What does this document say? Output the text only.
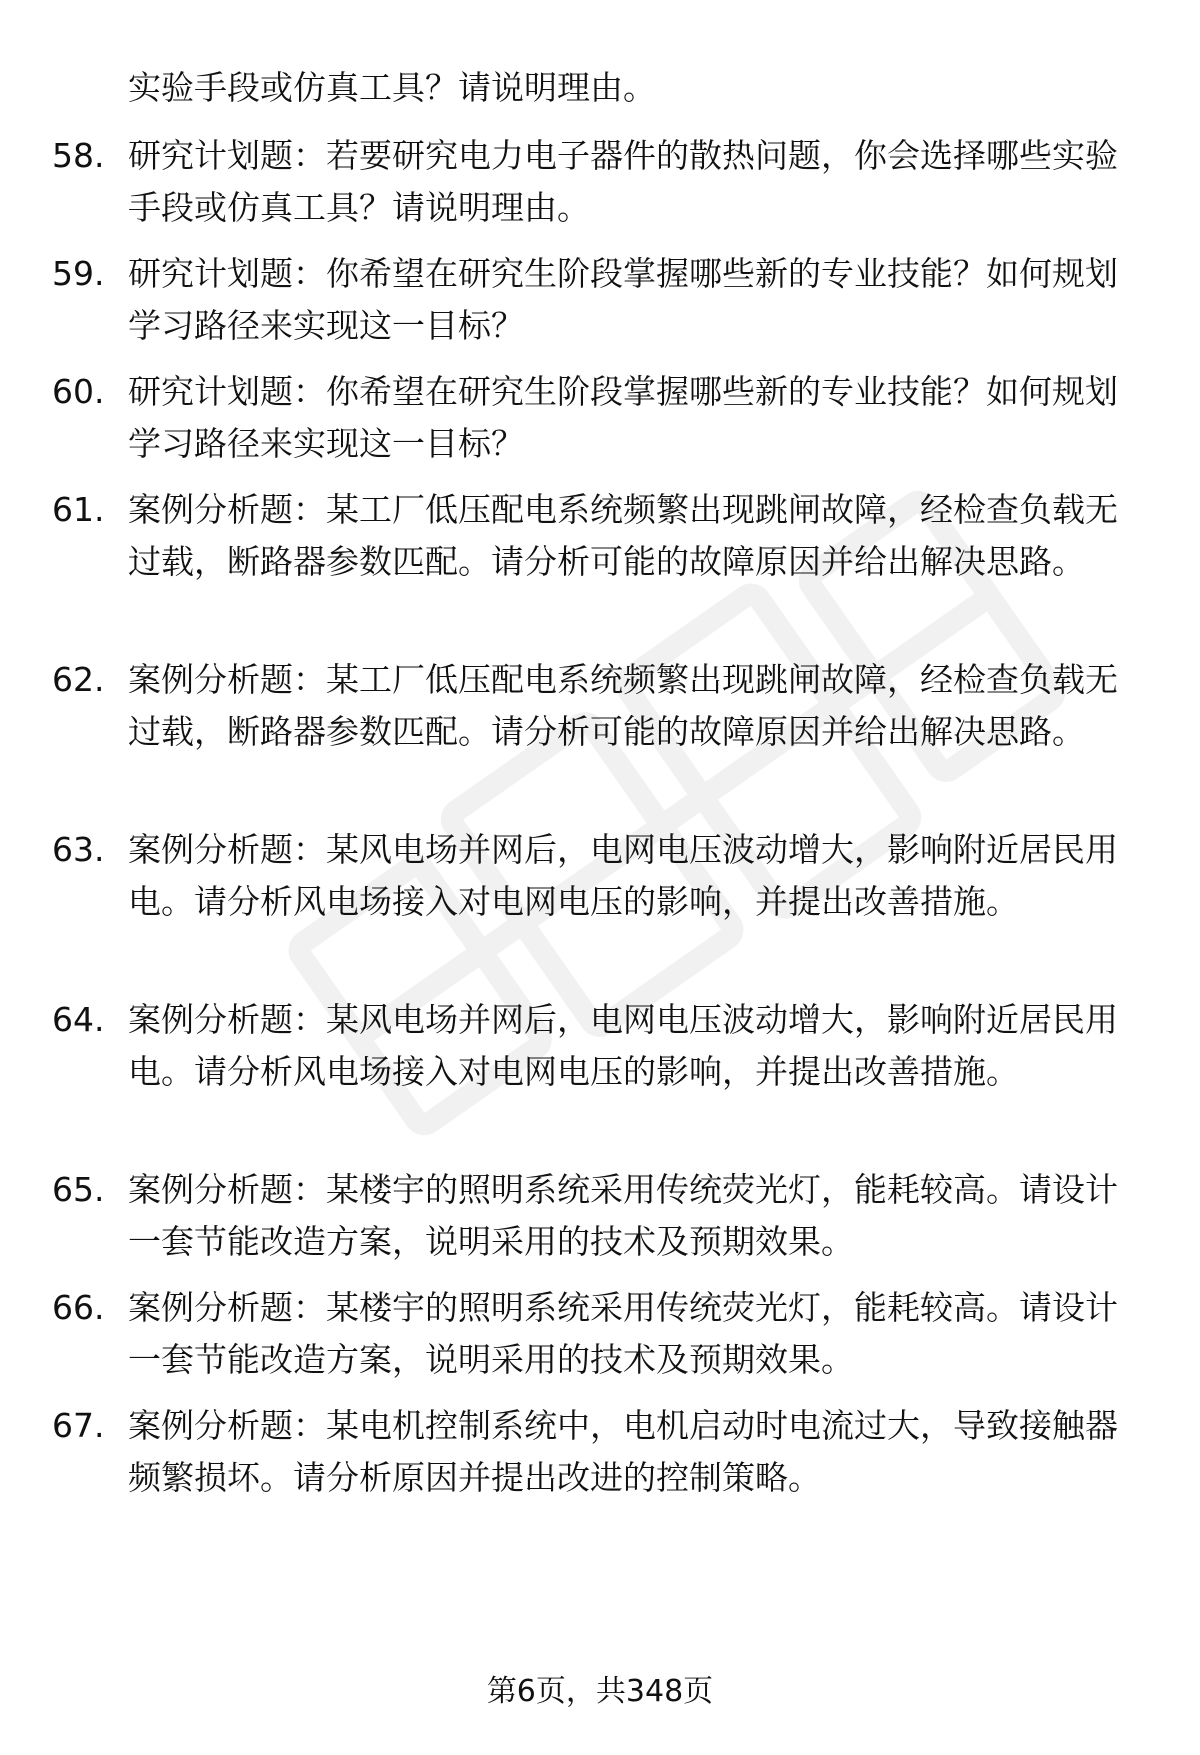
实验手段或仿真工具？请说明理由。
58. 研究计划题：若要研究电力电子器件的散热问题，你会选择哪些实验手段或仿真工具？请说明理由。
59. 研究计划题：你希望在研究生阶段掌握哪些新的专业技能？如何规划学习路径来实现这一目标？
60. 研究计划题：你希望在研究生阶段掌握哪些新的专业技能？如何规划学习路径来实现这一目标？
61. 案例分析题：某工厂低压配电系统频繁出现跳闸故障，经检查负载无过载，断路器参数匹配。请分析可能的故障原因并给出解决思路。
62. 案例分析题：某工厂低压配电系统频繁出现跳闸故障，经检查负载无过载，断路器参数匹配。请分析可能的故障原因并给出解决思路。
63. 案例分析题：某风电场并网后，电网电压波动增大，影响附近居民用电。请分析风电场接入对电网电压的影响，并提出改善措施。
64. 案例分析题：某风电场并网后，电网电压波动增大，影响附近居民用电。请分析风电场接入对电网电压的影响，并提出改善措施。
65. 案例分析题：某楼宇的照明系统采用传统荧光灯，能耗较高。请设计一套节能改造方案，说明采用的技术及预期效果。
66. 案例分析题：某楼宇的照明系统采用传统荧光灯，能耗较高。请设计一套节能改造方案，说明采用的技术及预期效果。
67. 案例分析题：某电机控制系统中，电机启动时电流过大，导致接触器频繁损坏。请分析原因并提出改进的控制策略。
第6页，共348页
